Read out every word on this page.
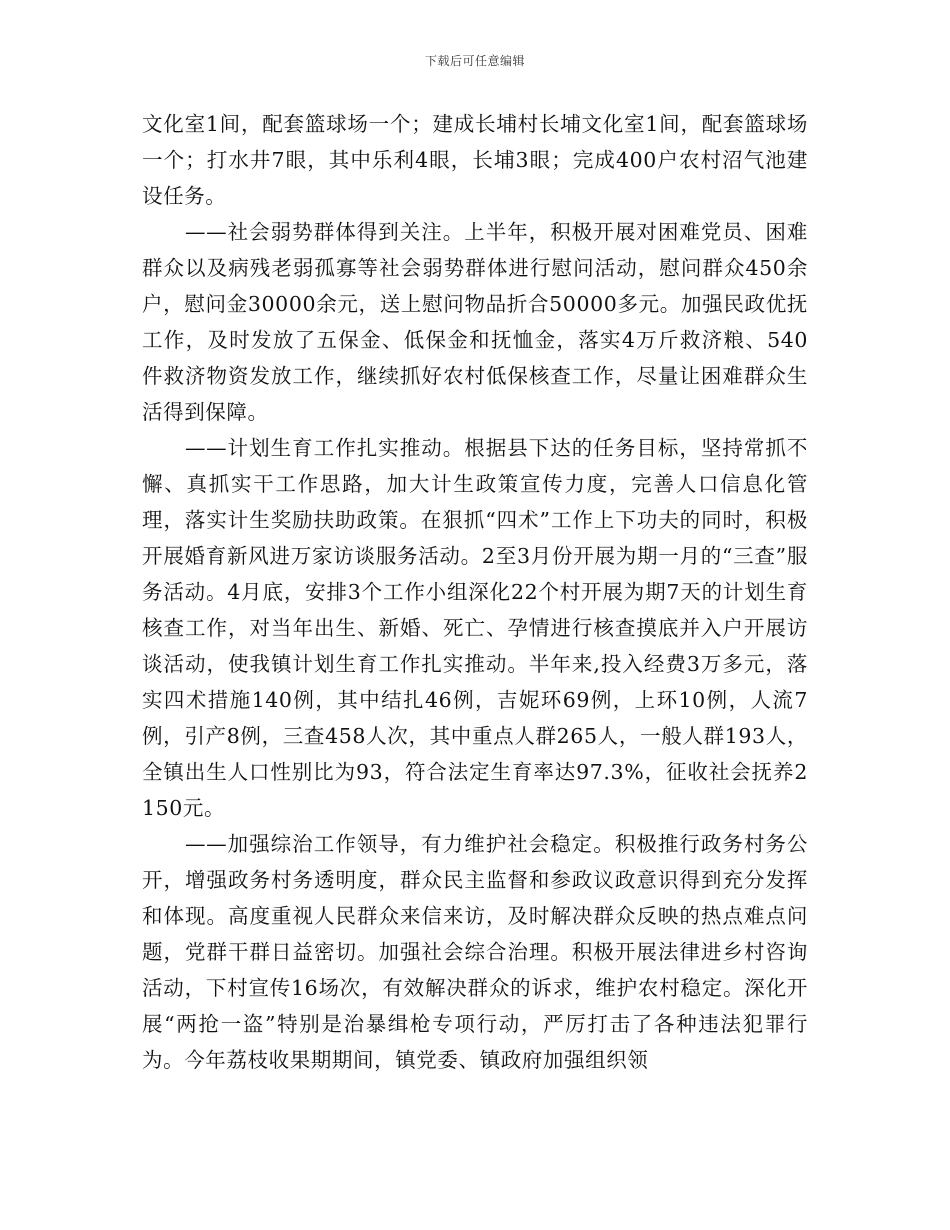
下载后可任意编辑

文化室1间，配套篮球场一个；建成长埔村长埔文化室1间，配套篮球场一个；打水井7眼，其中乐利4眼，长埔3眼；完成400户农村沼气池建设任务。

——社会弱势群体得到关注。上半年，积极开展对困难党员、困难群众以及病残老弱孤寡等社会弱势群体进行慰问活动，慰问群众450余户，慰问金30000余元，送上慰问物品折合50000多元。加强民政优抚工作，及时发放了五保金、低保金和抚恤金，落实4万斤救济粮、540件救济物资发放工作，继续抓好农村低保核查工作，尽量让困难群众生活得到保障。

——计划生育工作扎实推动。根据县下达的任务目标，坚持常抓不懈、真抓实干工作思路，加大计生政策宣传力度，完善人口信息化管理，落实计生奖励扶助政策。在狠抓“四术”工作上下功夫的同时，积极开展婚育新风进万家访谈服务活动。2至3月份开展为期一月的“三查”服务活动。4月底，安排3个工作小组深化22个村开展为期7天的计划生育核查工作，对当年出生、新婚、死亡、孕情进行核查摸底并入户开展访谈活动，使我镇计划生育工作扎实推动。半年来,投入经费3万多元，落实四术措施140例，其中结扎46例，吉妮环69例，上环10例，人流7例，引产8例，三查458人次，其中重点人群265人，一般人群193人，全镇出生人口性别比为93，符合法定生育率达97.3%，征收社会抚养2150元。

——加强综治工作领导，有力维护社会稳定。积极推行政务村务公开，增强政务村务透明度，群众民主监督和参政议政意识得到充分发挥和体现。高度重视人民群众来信来访，及时解决群众反映的热点难点问题，党群干群日益密切。加强社会综合治理。积极开展法律进乡村咨询活动，下村宣传16场次，有效解决群众的诉求，维护农村稳定。深化开展“两抢一盗”特别是治暴缉枪专项行动，严厉打击了各种违法犯罪行为。今年荔枝收果期期间，镇党委、镇政府加强组织领
